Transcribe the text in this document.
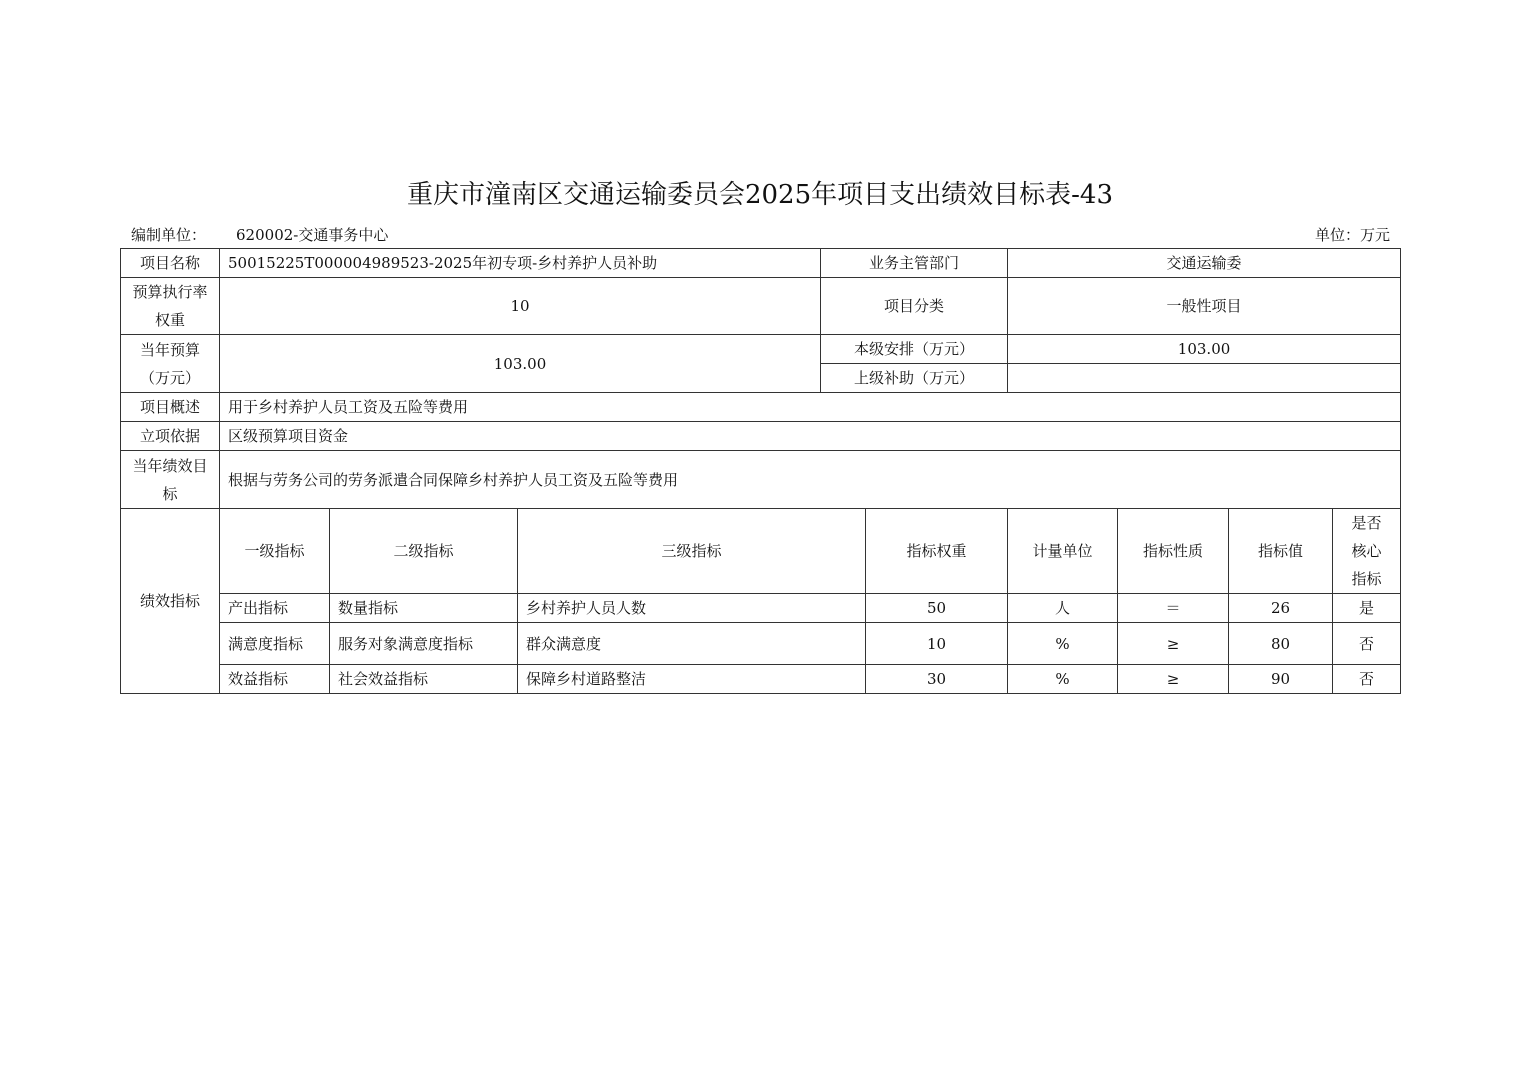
重庆市潼南区交通运输委员会2025年项目支出绩效目标表-43
编制单位： 620002-交通事务中心	单位：万元
项目名称	50015225T000004989523-2025年初专项-乡村养护人员补助			业务主管部门		交通运输委			
预算执行率权重	10			项目分类		一般性项目			
当年预算（万元）	103.00			本级安排（万元）		103.00			
				上级补助（万元）					
项目概述	用于乡村养护人员工资及五险等费用								
立项依据	区级预算项目资金								
当年绩效目标	根据与劳务公司的劳务派遣合同保障乡村养护人员工资及五险等费用								
绩效指标	一级指标	二级指标	三级指标		指标权重	计量单位	指标性质	指标值	是否核心指标
	产出指标	数量指标	乡村养护人员人数		50	人	＝	26	是
	满意度指标	服务对象满意度指标	群众满意度		10	%	≥	80	否
	效益指标	社会效益指标	保障乡村道路整洁		30	%	≥	90	否
